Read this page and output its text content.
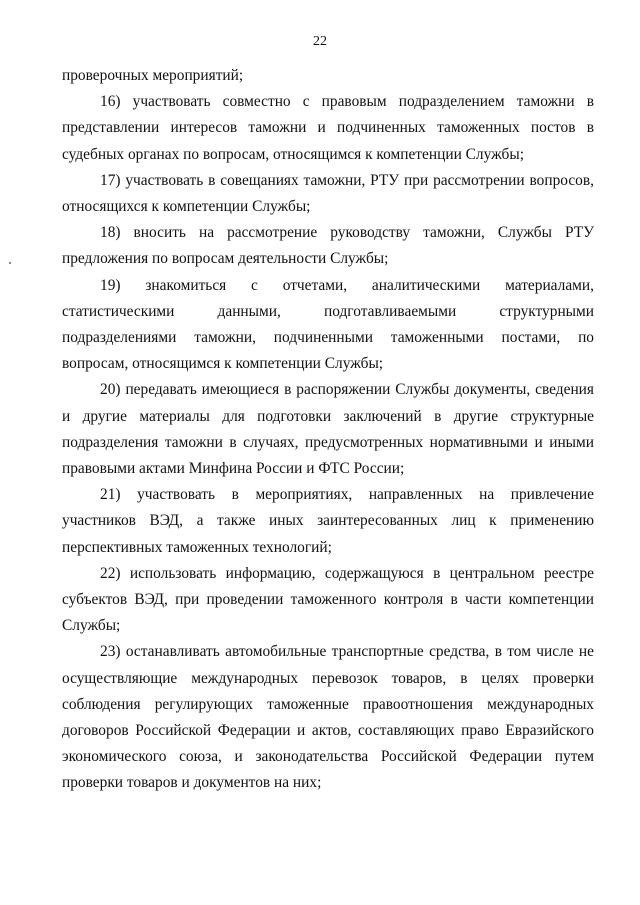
22

проверочных мероприятий;

16) участвовать совместно с правовым подразделением таможни в представлении интересов таможни и подчиненных таможенных постов в судебных органах по вопросам, относящимся к компетенции Службы;

17) участвовать в совещаниях таможни, РТУ при рассмотрении вопросов, относящихся к компетенции Службы;

18) вносить на рассмотрение руководству таможни, Службы РТУ предложения по вопросам деятельности Службы;

19) знакомиться с отчетами, аналитическими материалами, статистическими данными, подготавливаемыми структурными подразделениями таможни, подчиненными таможенными постами, по вопросам, относящимся к компетенции Службы;

20) передавать имеющиеся в распоряжении Службы документы, сведения и другие материалы для подготовки заключений в другие структурные подразделения таможни в случаях, предусмотренных нормативными и иными правовыми актами Минфина России и ФТС России;

21) участвовать в мероприятиях, направленных на привлечение участников ВЭД, а также иных заинтересованных лиц к применению перспективных таможенных технологий;

22) использовать информацию, содержащуюся в центральном реестре субъектов ВЭД, при проведении таможенного контроля в части компетенции Службы;

23) останавливать автомобильные транспортные средства, в том числе не осуществляющие международных перевозок товаров, в целях проверки соблюдения регулирующих таможенные правоотношения международных договоров Российской Федерации и актов, составляющих право Евразийского экономического союза, и законодательства Российской Федерации путем проверки товаров и документов на них;
